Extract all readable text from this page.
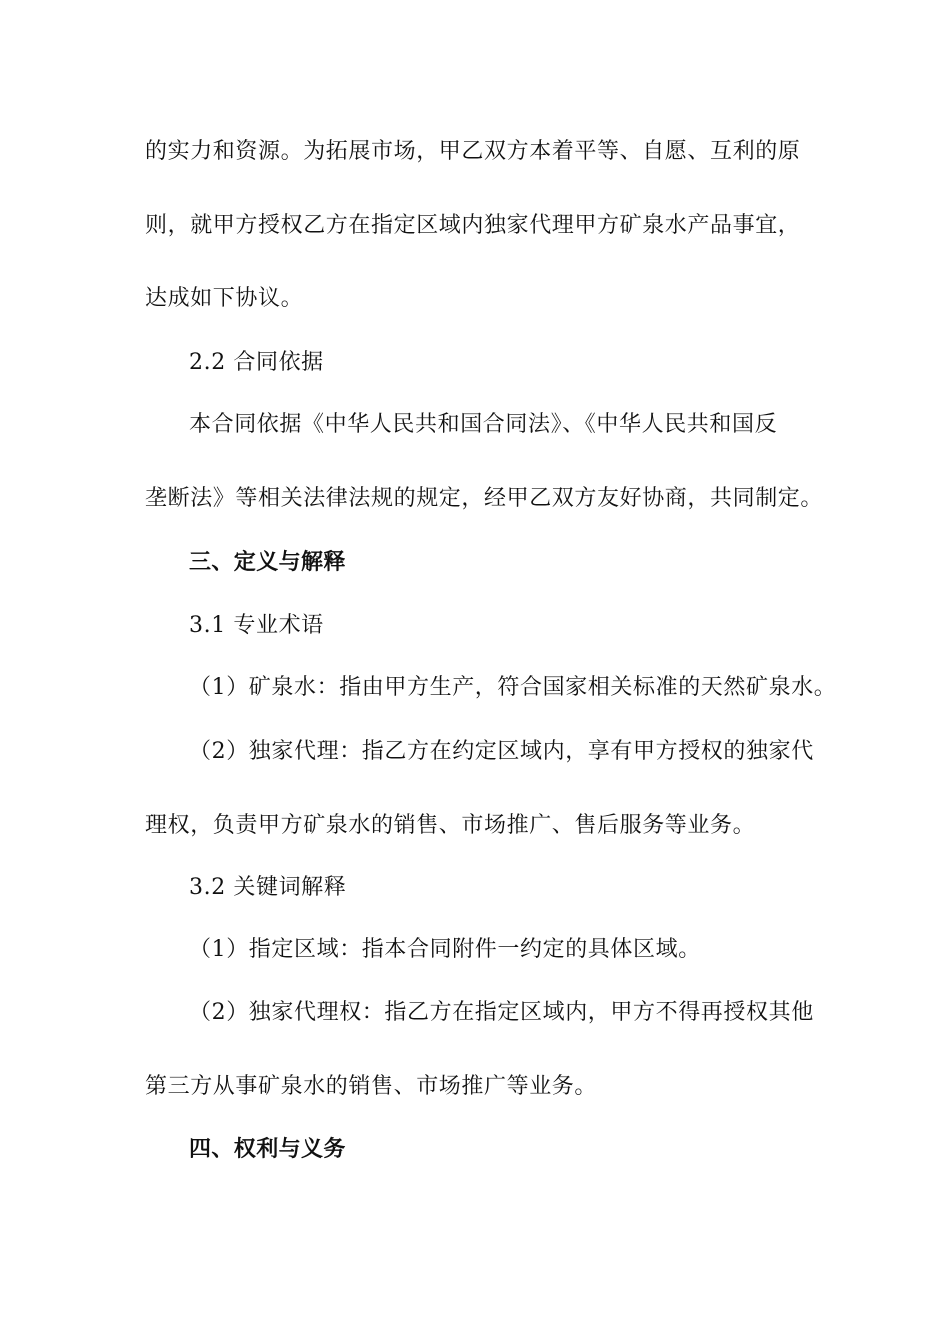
的实力和资源。为拓展市场，甲乙双方本着平等、自愿、互利的原
则，就甲方授权乙方在指定区域内独家代理甲方矿泉水产品事宜，
达成如下协议。
2.2 合同依据
本合同依据《中华人民共和国合同法》、《中华人民共和国反
垄断法》等相关法律法规的规定，经甲乙双方友好协商，共同制定。
三、定义与解释
3.1 专业术语
（1）矿泉水：指由甲方生产，符合国家相关标准的天然矿泉水。
（2）独家代理：指乙方在约定区域内，享有甲方授权的独家代
理权，负责甲方矿泉水的销售、市场推广、售后服务等业务。
3.2 关键词解释
（1）指定区域：指本合同附件一约定的具体区域。
（2）独家代理权：指乙方在指定区域内，甲方不得再授权其他
第三方从事矿泉水的销售、市场推广等业务。
四、权利与义务
